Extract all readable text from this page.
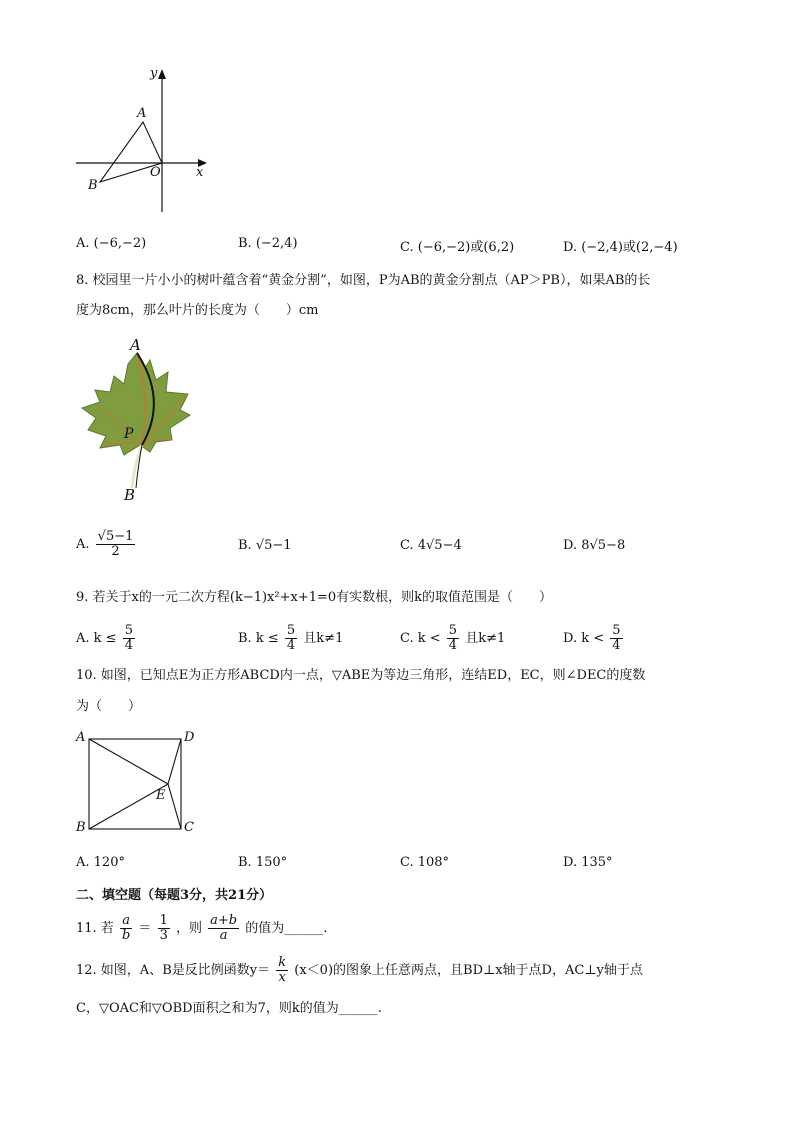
y
A
O	x
B
A. (−6,−2)	B. (−2,4)	C. (−6,−2)或(6,2)	D. (−2,4)或(2,−4)
8. 校园里一片小小的树叶蕴含着“黄金分割”，如图，P为AB的黄金分割点（AP＞PB），如果AB的长
度为8cm，那么叶片的长度为（　　）cm
A
P
B
A. $\frac{√5-1}{2}$	B. √5−1	C. 4√5−4	D. 8√5−8
9. 若关于x的一元二次方程(k−1)x²+x+1=0有实数根，则k的取值范围是（　　）
A. $k \le \frac{5}{4}$	B. $k \le \frac{5}{4}$ 且k≠1	C. $k < \frac{5}{4}$ 且k≠1	D. $k < \frac{5}{4}$
10. 如图，已知点E为正方形ABCD内一点，▽ABE为等边三角形，连结ED，EC，则∠DEC的度数
为（　　）
A	D
E
B	C
A. 120°	B. 150°	C. 108°	D. 135°
二、填空题（每题3分，共21分）
11. 若 $\frac{a}{b} = \frac{1}{3}$ ，则 $\frac{a+b}{a}$ 的值为______.
12. 如图，A、B是反比例函数$y= \frac{k}{x} (x<0)$的图象上任意两点，且BD⊥x轴于点D，AC⊥y轴于点
C，▽OAC和▽OBD面积之和为7，则k的值为______.
